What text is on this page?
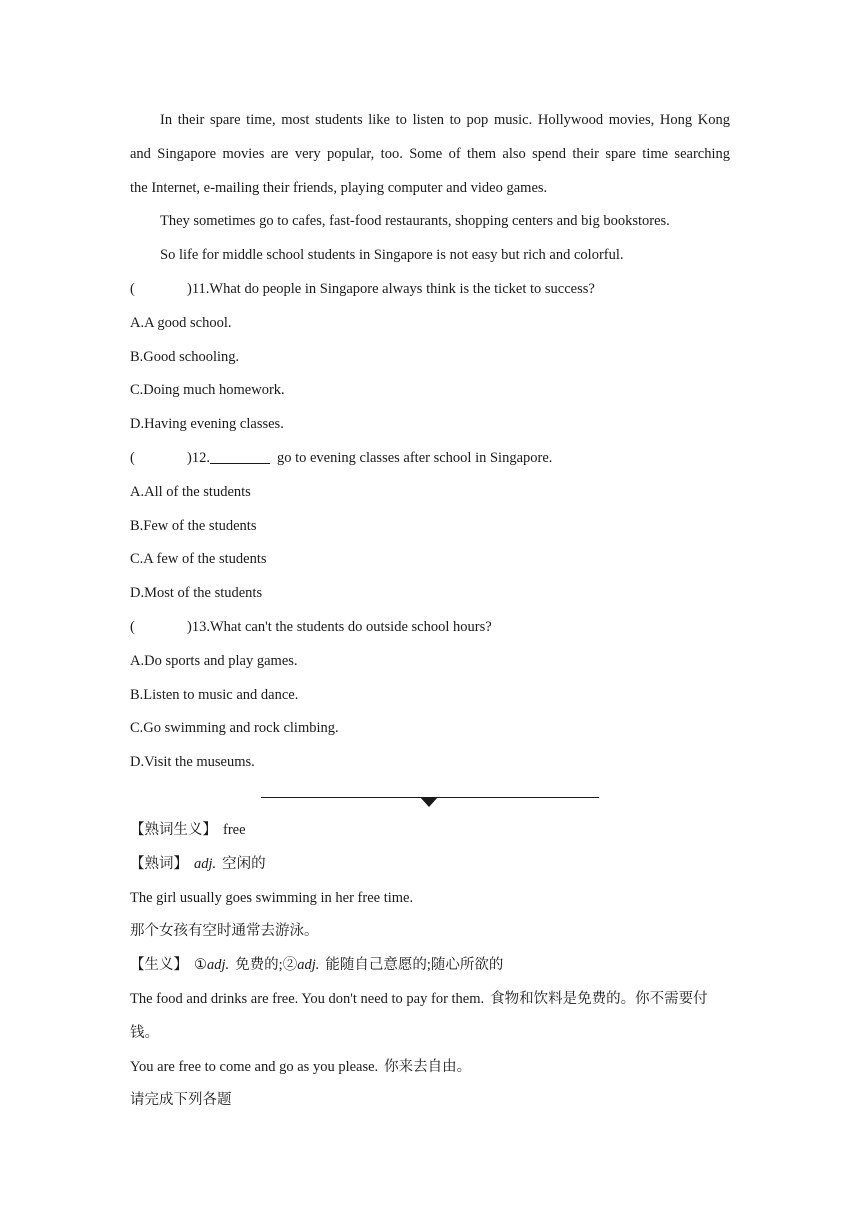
In their spare time, most students like to listen to pop music. Hollywood movies, Hong Kong
and Singapore movies are very popular, too. Some of them also spend their spare time searching
the Internet, e-mailing their friends, playing computer and video games.
They sometimes go to cafes, fast-food restaurants, shopping centers and big bookstores.
So life for middle school students in Singapore is not easy but rich and colorful.
(	)11.What do people in Singapore always think is the ticket to success?
A.A good school.
B.Good schooling.
C.Doing much homework.
D.Having evening classes.
(	)12.	go to evening classes after school in Singapore.
A.All of the students
B.Few of the students
C.A few of the students
D.Most of the students
(	)13.What can't the students do outside school hours?
A.Do sports and play games.
B.Listen to music and dance.
C.Go swimming and rock climbing.
D.Visit the museums.
【熟词生义】 free
【熟词】 adj. 空闲的
The girl usually goes swimming in her free time.
那个女孩有空时通常去游泳。
【生义】 ①adj. 免费的;②adj. 能随自己意愿的;随心所欲的
The food and drinks are free. You don't need to pay for them. 食物和饮料是免费的。你不需要付
钱。
You are free to come and go as you please. 你来去自由。
请完成下列各题
